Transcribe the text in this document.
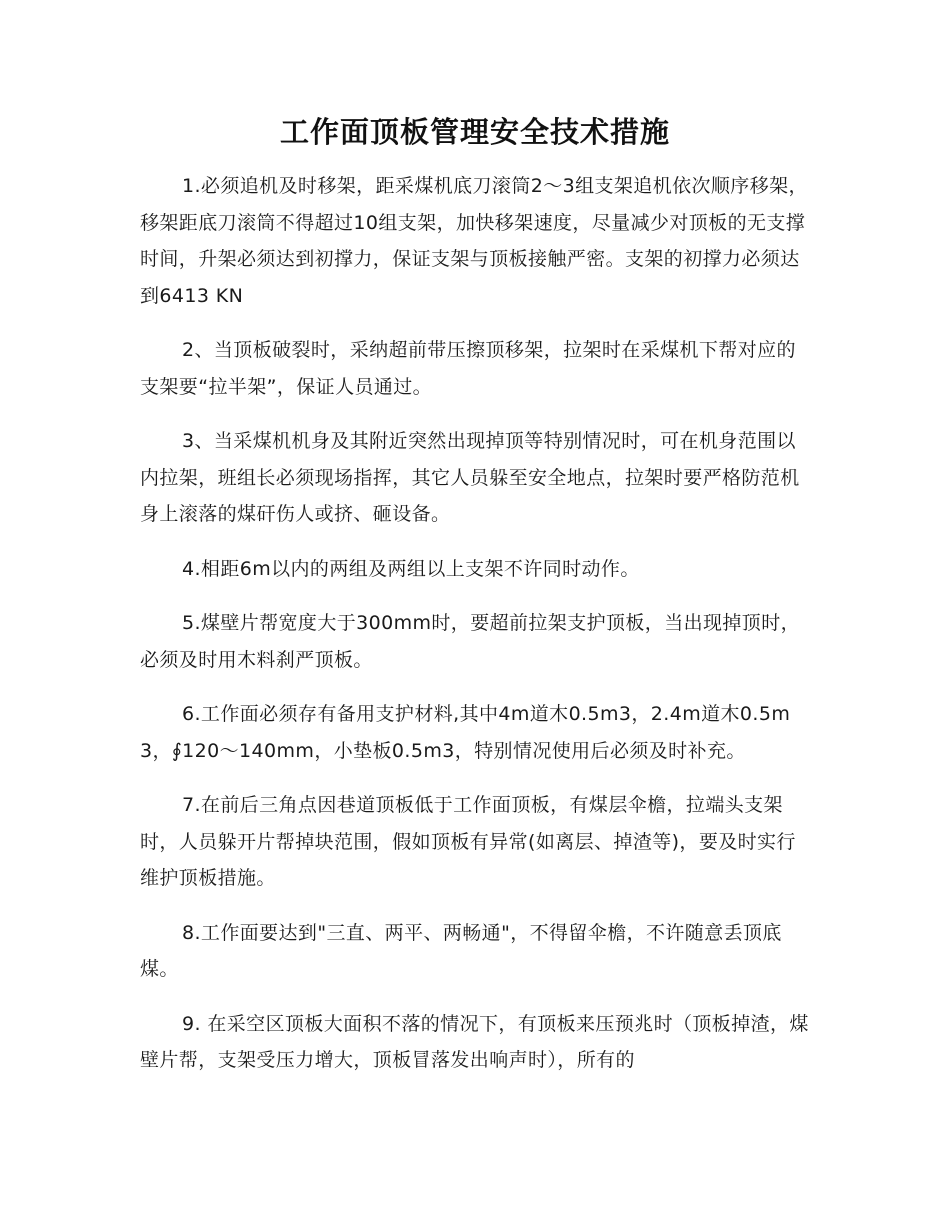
工作面顶板管理安全技术措施

1.必须追机及时移架，距采煤机底刀滚筒2～3组支架追机依次顺序移架，移架距底刀滚筒不得超过10组支架，加快移架速度，尽量减少对顶板的无支撑时间，升架必须达到初撑力，保证支架与顶板接触严密。支架的初撑力必须达到6413 KN

2、当顶板破裂时，采纳超前带压擦顶移架，拉架时在采煤机下帮对应的支架要“拉半架”，保证人员通过。

3、当采煤机机身及其附近突然出现掉顶等特别情况时，可在机身范围以内拉架，班组长必须现场指挥，其它人员躲至安全地点，拉架时要严格防范机身上滚落的煤矸伤人或挤、砸设备。

4.相距6m以内的两组及两组以上支架不许同时动作。

5.煤壁片帮宽度大于300mm时，要超前拉架支护顶板，当出现掉顶时， 必须及时用木料刹严顶板。

6.工作面必须存有备用支护材料,其中4m道木0.5m3，2.4m道木0.5m3，∮120～140mm，小垫板0.5m3，特别情况使用后必须及时补充。

7.在前后三角点因巷道顶板低于工作面顶板，有煤层伞檐，拉端头支架时，人员躲开片帮掉块范围，假如顶板有异常(如离层、掉渣等)，要及时实行维护顶板措施。

8.工作面要达到"三直、两平、两畅通"，不得留伞檐，不许随意丢顶底煤。

9. 在采空区顶板大面积不落的情况下，有顶板来压预兆时（顶板掉渣，煤壁片帮，支架受压力增大，顶板冒落发出响声时），所有的
